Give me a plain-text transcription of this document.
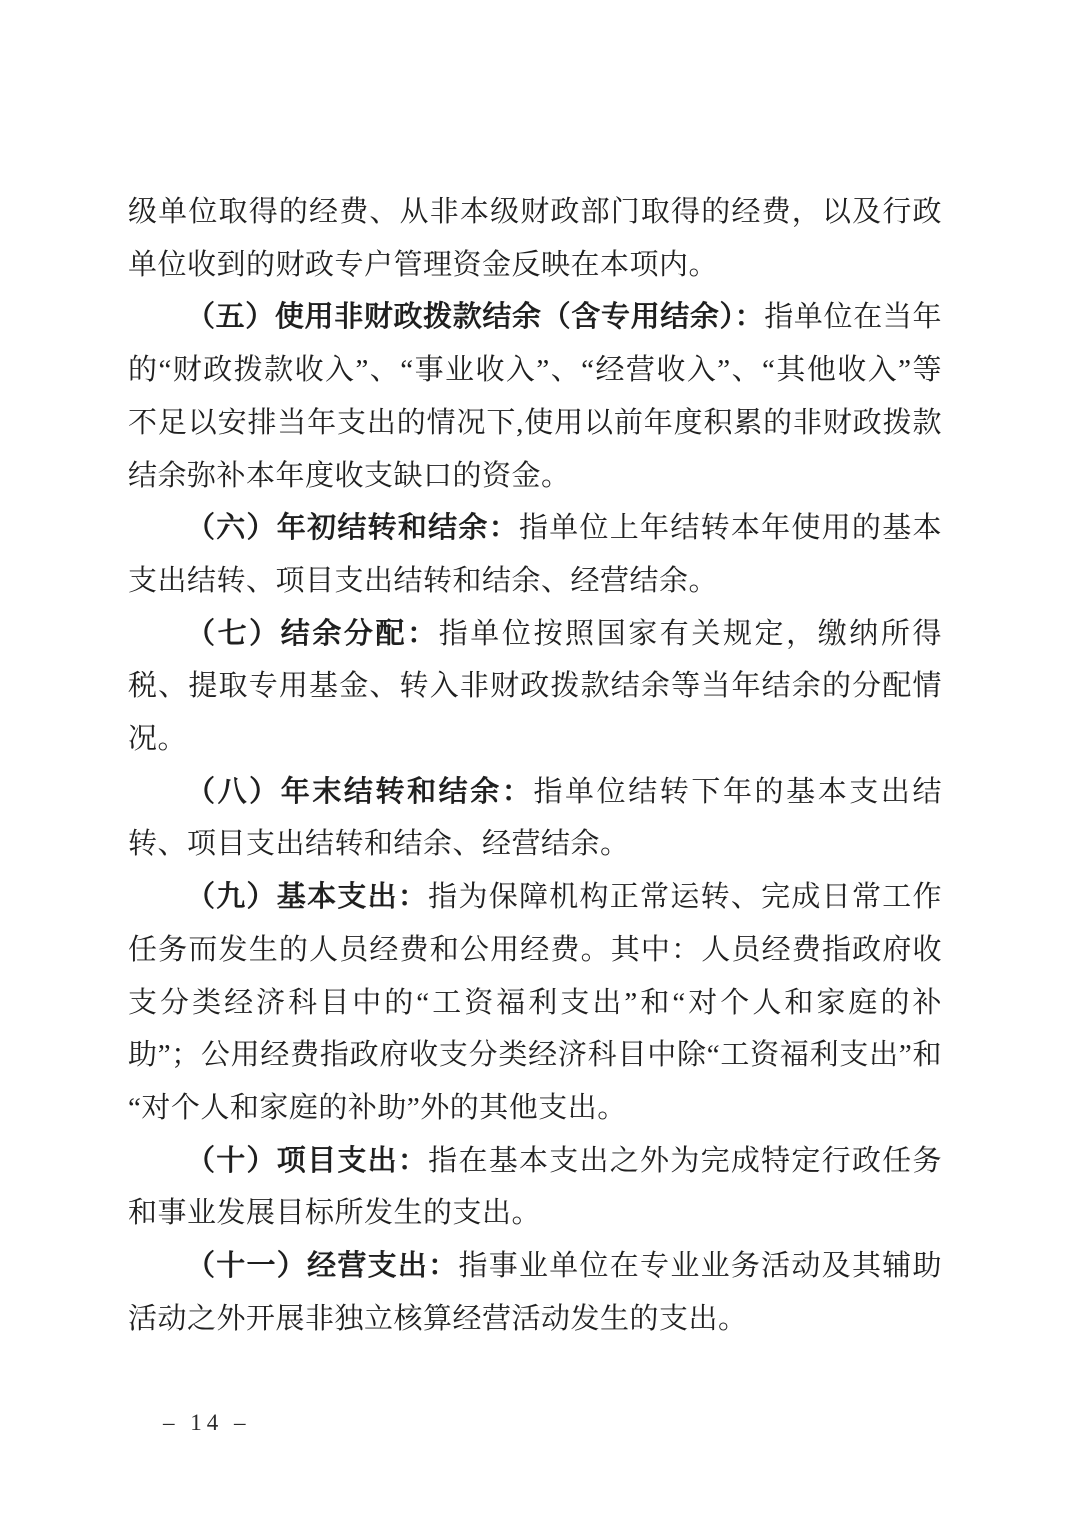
级单位取得的经费、从非本级财政部门取得的经费，以及行政单位收到的财政专户管理资金反映在本项内。

（五）使用非财政拨款结余（含专用结余）：指单位在当年的“财政拨款收入”、“事业收入”、“经营收入”、“其他收入”等不足以安排当年支出的情况下,使用以前年度积累的非财政拨款结余弥补本年度收支缺口的资金。

（六）年初结转和结余：指单位上年结转本年使用的基本支出结转、项目支出结转和结余、经营结余。

（七）结余分配：指单位按照国家有关规定，缴纳所得税、提取专用基金、转入非财政拨款结余等当年结余的分配情况。

（八）年末结转和结余：指单位结转下年的基本支出结转、项目支出结转和结余、经营结余。

（九）基本支出：指为保障机构正常运转、完成日常工作任务而发生的人员经费和公用经费。其中：人员经费指政府收支分类经济科目中的“工资福利支出”和“对个人和家庭的补助”；公用经费指政府收支分类经济科目中除“工资福利支出”和“对个人和家庭的补助”外的其他支出。

（十）项目支出：指在基本支出之外为完成特定行政任务和事业发展目标所发生的支出。

（十一）经营支出：指事业单位在专业业务活动及其辅助活动之外开展非独立核算经营活动发生的支出。

– 14 –
